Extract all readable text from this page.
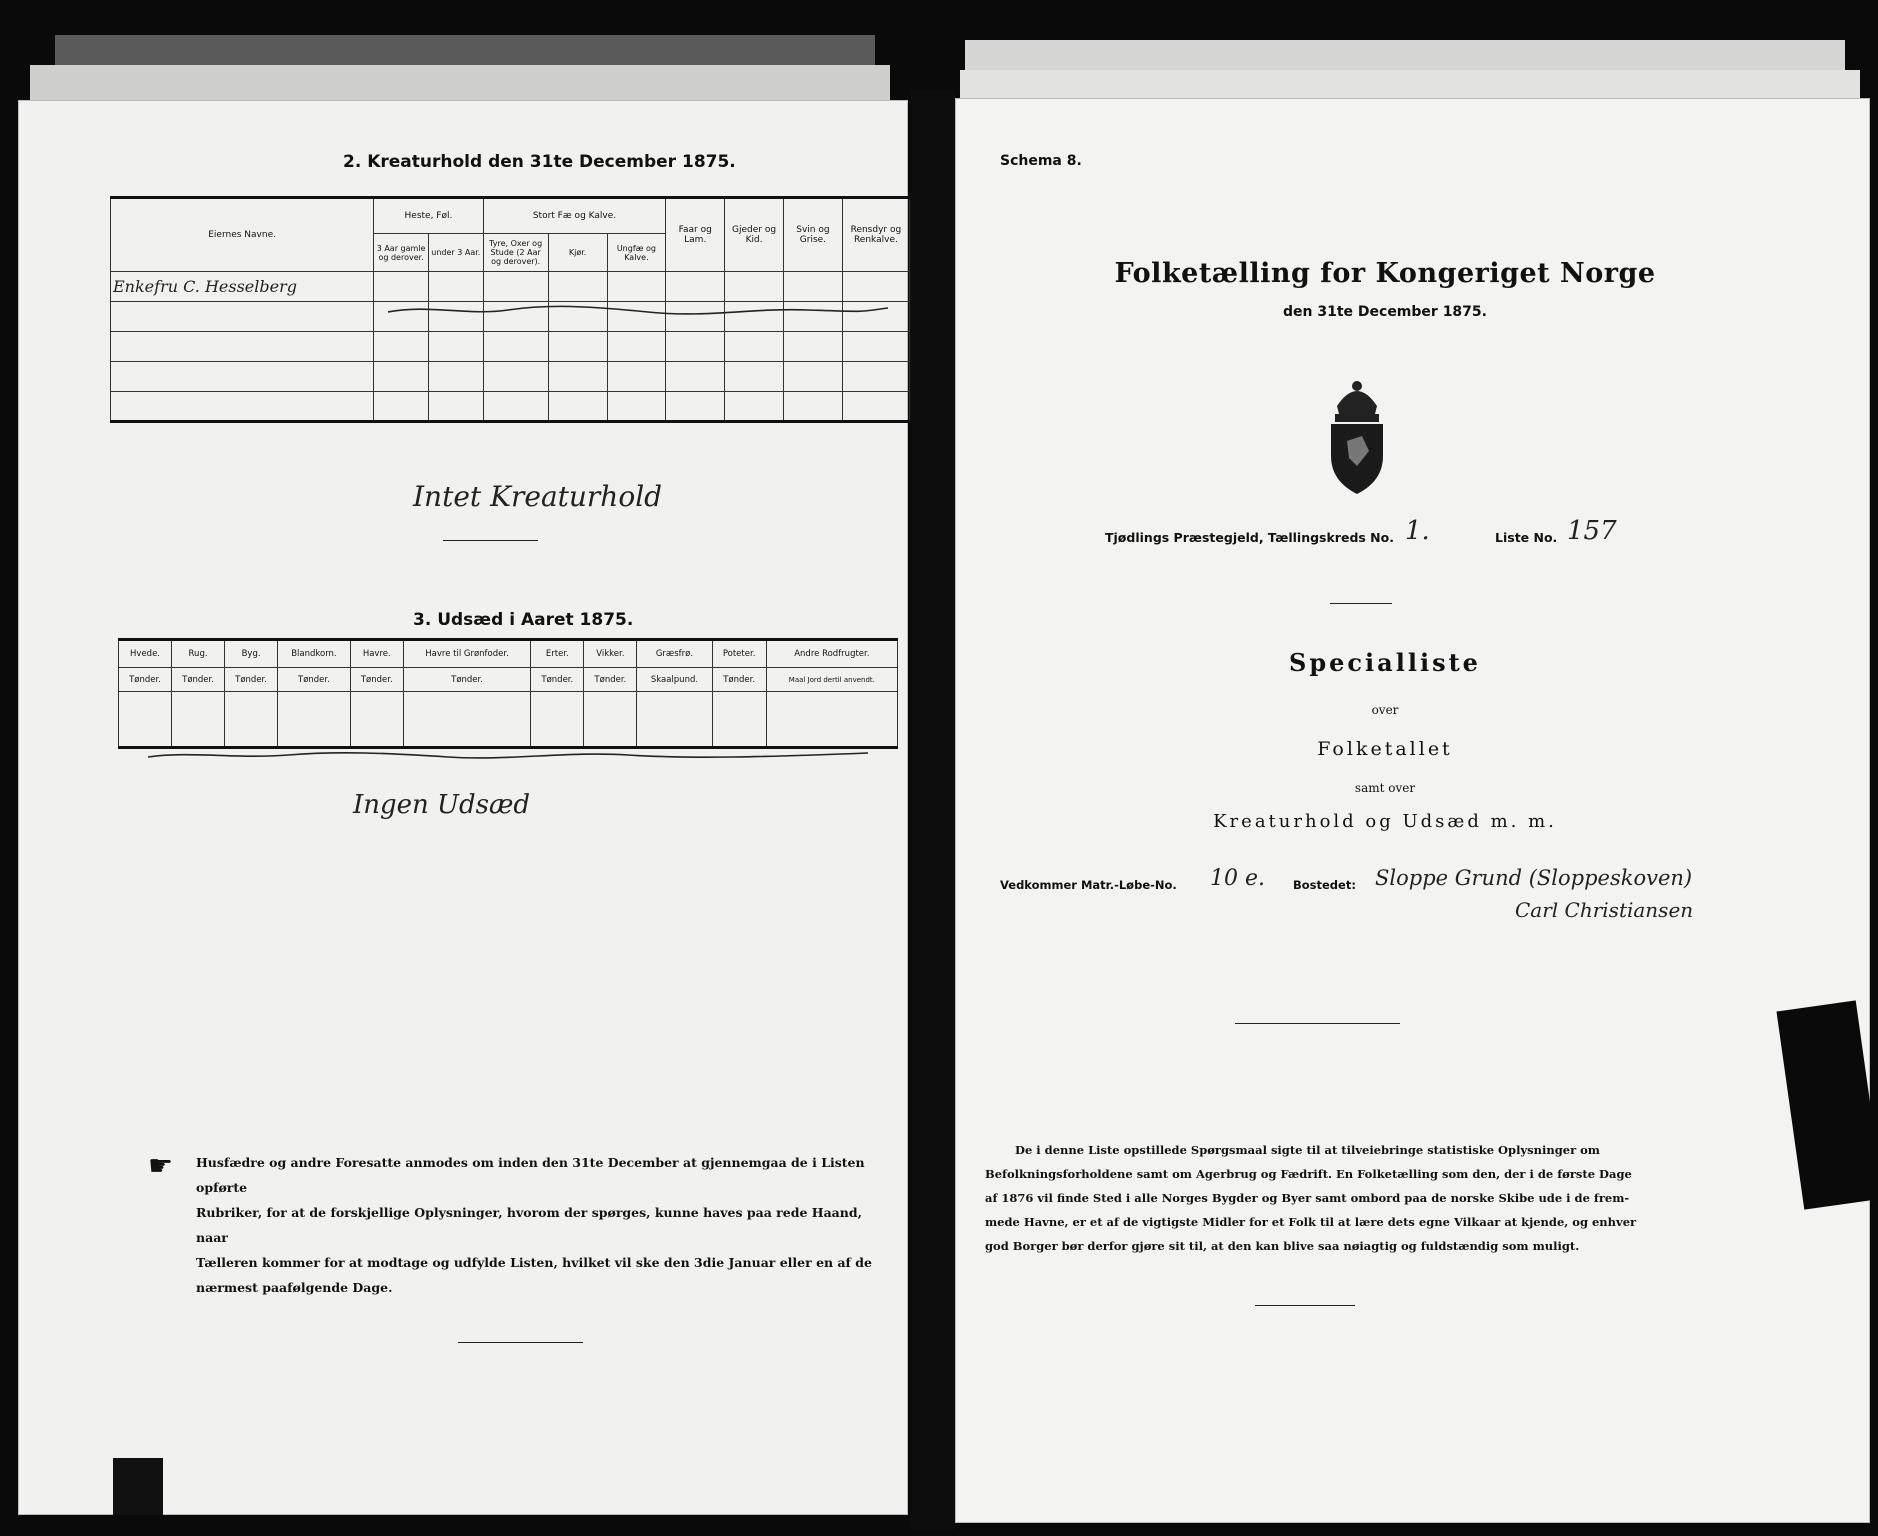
2. Kreaturhold den 31te December 1875.
Eiernes Navne.	Heste, Føl.		Stort Fæ og Kalve.			Faar og Lam.	Gjeder og Kid.	Svin og Grise.	Rensdyr og Renkalve.
	3 Aar gamle og derover.	under 3 Aar.	Tyre, Oxer og Stude (2 Aar og derover).	Kjør.	Ungfæ og Kalve.				
Enkefru C. Hesselberg									

Intet Kreaturhold
3. Udsæd i Aaret 1875.
Hvede.	Rug.	Byg.	Blandkorn.	Havre.	Havre til Grønfoder.	Erter.	Vikker.	Græsfrø.	Poteter.	Andre Rodfrugter.
Tønder.	Tønder.	Tønder.	Tønder.	Tønder.	Tønder.	Tønder.	Tønder.	Skaalpund.	Tønder.	Maal Jord dertil anvendt.

Ingen Udsæd
☛ Husfædre og andre Foresatte anmodes om inden den 31te December at gjennemgaa de i Listen opførte
Rubriker, for at de forskjellige Oplysninger, hvorom der spørges, kunne haves paa rede Haand, naar
Tælleren kommer for at modtage og udfylde Listen, hvilket vil ske den 3die Januar eller en af de
nærmest paafølgende Dage.
Schema 8.
Folketælling for Kongeriget Norge
den 31te December 1875.
Tjødlings Præstegjeld, Tællingskreds No. 1.	Liste No. 157
Specialliste
over
Folketallet
samt over
Kreaturhold og Udsæd m. m.
Vedkommer Matr.-Løbe-No. 10 e. Bostedet: Sloppe Grund (Sloppeskoven)
Carl Christiansen
De i denne Liste opstillede Spørgsmaal sigte til at tilveiebringe statistiske Oplysninger om
Befolkningsforholdene samt om Agerbrug og Fædrift. En Folketælling som den, der i de første Dage
af 1876 vil finde Sted i alle Norges Bygder og Byer samt ombord paa de norske Skibe ude i de frem-
mede Havne, er et af de vigtigste Midler for et Folk til at lære dets egne Vilkaar at kjende, og enhver
god Borger bør derfor gjøre sit til, at den kan blive saa nøiagtig og fuldstændig som muligt.
